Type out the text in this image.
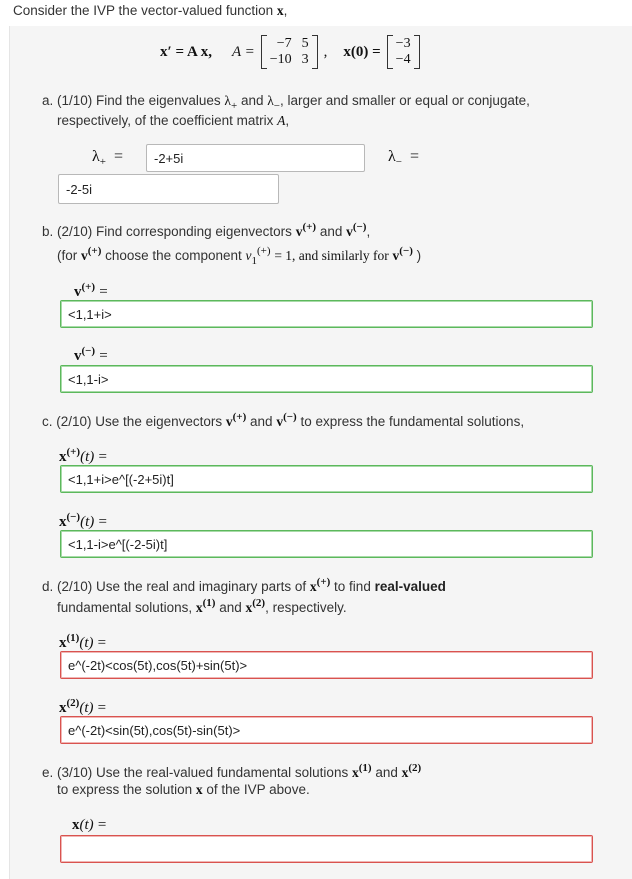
Consider the IVP the vector-valued function x,
x′ = A x, A =	−7 5
−10 3 , x(0) = −3
−4
a. (1/10) Find the eigenvalues $\lambda_+$ and $\lambda_-$, larger and smaller or equal or conjugate,
respectively, of the coefficient matrix A,
$\lambda_+$ =	-2+5i	$\lambda_-$ =
-2-5i
b. (2/10) Find corresponding eigenvectors v(+) and v(−),
(for v(+) choose the component $v_1^{(+)} = 1$, and similarly for v(−) )
v(+) =
<1,1+i>
v(−) =
<1,1-i>
c. (2/10) Use the eigenvectors v(+) and v(−) to express the fundamental solutions,
x(+)(t) =
<1,1+i>e^[(-2+5i)t]
x(−)(t) =
<1,1-i>e^[(-2-5i)t]
d. (2/10) Use the real and imaginary parts of x(+) to find real-valued
fundamental solutions, $x^{(1)}$ and $x^{(2)}$, respectively.
$x^{(1)}(t)$ =
e^(-2t)<cos(5t),cos(5t)+sin(5t)>
$x^{(2)}(t)$ =
e^(-2t)<sin(5t),cos(5t)-sin(5t)>
e. (3/10) Use the real-valued fundamental solutions $x^{(1)}$ and $x^{(2)}$
to express the solution x of the IVP above.
x(t) =
